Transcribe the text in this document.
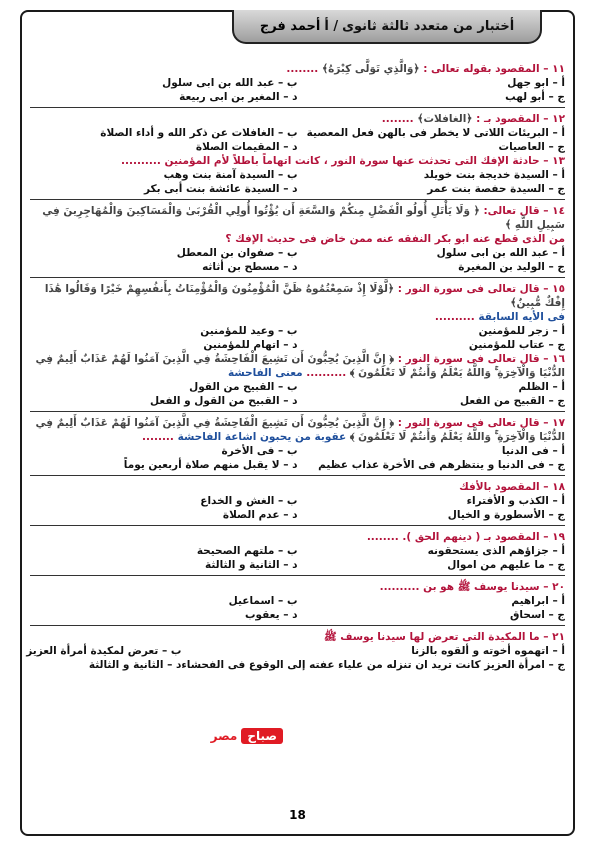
أختبار من متعدد ثالثة ثانوى
/ أ
أحمد فرج
١١ – المقصود بقوله تعالى : ﴿وَالَّذِي تَوَلَّى كِبْرَهُ﴾ ........
أ – ابو جهل
ب – عبد الله بن ابى سلول
ج – أبو لهب
د – المغير بن ابى ربيعة
١٢ – المقصود بـ : ﴿الغافلات﴾ ........
أ – البريئات اللاتى لا يخطر فى بالهن فعل المعصية
ب – الغافلات عن ذكر الله و أداء الصلاة
ج – العاصيات
د – المقيمات الصلاة
١٣ – حادثة الإفك التى تحدثت عنها سورة النور ، كانت اتهاماً باطلاً لأم المؤمنين ..........
أ – السيدة خديجة بنت خويلد
ب – السيدة آمنة بنت وهب
ج – السيدة حفصة بنت عمر
د – السيدة عائشة بنت أبى بكر
١٤ – قال تعالى: ﴿ وَلَا يَأْتَلِ أُولُو الْفَضْلِ مِنكُمْ وَالسَّعَةِ أَن يُؤْتُوا أُولِي الْقُرْبَىٰ وَالْمَسَاكِينَ وَالْمُهَاجِرِينَ فِي سَبِيلِ اللَّهِ ﴾
من الذى قطع عنه ابو بكر النفقه عنه ممن خاض فى حديث الإفك ؟
أ – عبد الله بن ابى سلول
ب – صفوان بن المعطل
ج – الوليد بن المغيرة
د – مسطح بن أثاثه
١٥ – قال تعالى فى سورة النور : ﴿لَّوْلَا إِذْ سَمِعْتُمُوهُ ظَنَّ الْمُؤْمِنُونَ وَالْمُؤْمِنَاتُ بِأَنفُسِهِمْ خَيْرًا وَقَالُوا هَٰذَا إِفْكٌ مُّبِينٌ﴾
فى الأيه السابقة ..........
أ – زجر للمؤمنين
ب – وعيد للمؤمنين
ج – عتاب للمؤمنين
د – اتهام للمؤمنين
١٦ – قال تعالى فى سورة النور : ﴿ إِنَّ الَّذِينَ يُحِبُّونَ أَن تَشِيعَ الْفَاحِشَةُ فِي الَّذِينَ آمَنُوا لَهُمْ عَذَابٌ أَلِيمٌ فِي الدُّنْيَا وَالْآخِرَةِ ۚ وَاللَّهُ يَعْلَمُ وَأَنتُمْ لَا تَعْلَمُونَ ﴾ .......... معنى الفاحشة
أ – الظلم
ب – القبيح من القول
ج – القبيح من الفعل
د – القبيح من القول و الفعل
١٧ – قال تعالى فى سورة النور : ﴿ إِنَّ الَّذِينَ يُحِبُّونَ أَن تَشِيعَ الْفَاحِشَةُ فِي الَّذِينَ آمَنُوا لَهُمْ عَذَابٌ أَلِيمٌ فِي الدُّنْيَا وَالْآخِرَةِ ۚ وَاللَّهُ يَعْلَمُ وَأَنتُمْ لَا تَعْلَمُونَ ﴾ عقوبة من يحبون اشاعة الفاحشة ........
أ – فى الدنيا
ب – فى الأخرة
ج – فى الدنيا و ينتظرهم فى الأخرة عذاب عظيم
د – لا يقبل منهم صلاة أربعين يوماً
١٨ – المقصود بالأفك
أ – الكذب و الأفتراء
ب – الغش و الخداع
ج – الأسطورة و الخيال
د – عدم الصلاة
١٩ – المقصود بـ ( دينهم الحق ). ........
أ – جزاؤهم الذى يستحقونه
ب – ملتهم الصحيحة
ج – ما عليهم من اموال
د – الثانية و الثالثة
٢٠ – سيدنا يوسف ﷺ هو بن ..........
أ – ابراهيم
ب – اسماعيل
ج – اسحاق
د – يعقوب
٢١ – ما المكيدة التى تعرض لها سيدنا يوسف ﷺ
أ – اتهموه أخوته و ألقوه بالزنا
ب – تعرض لمكيدة أمرأة العزيز
ج – امرأة العزيز كانت تريد ان تنزله من علياء عفته إلى الوقوع فى الفحشاء
د – الثانية و الثالثة
صباح
مصر
18
